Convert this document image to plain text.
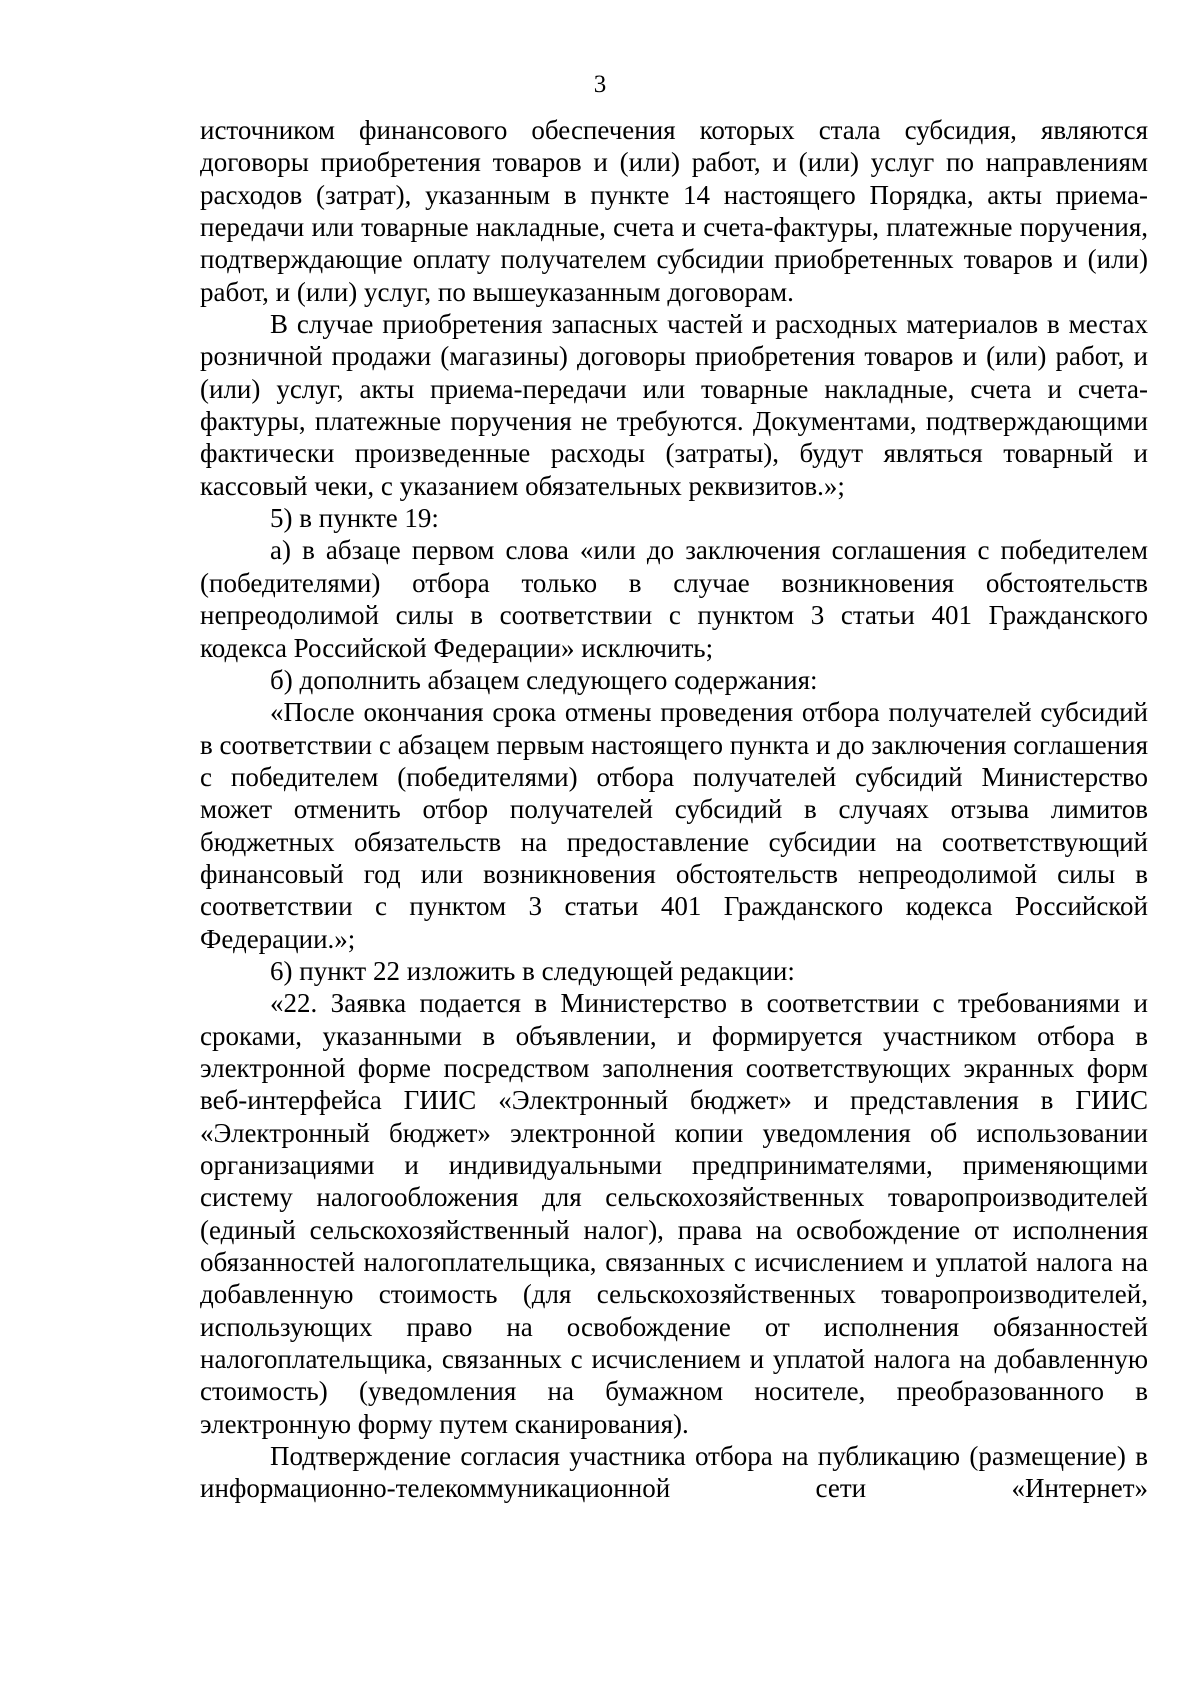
3

источником финансового обеспечения которых стала субсидия, являются договоры приобретения товаров и (или) работ, и (или) услуг по направлениям расходов (затрат), указанным в пункте 14 настоящего Порядка, акты приема-передачи или товарные накладные, счета и счета-фактуры, платежные поручения, подтверждающие оплату получателем субсидии приобретенных товаров и (или) работ, и (или) услуг, по вышеуказанным договорам.

В случае приобретения запасных частей и расходных материалов в местах розничной продажи (магазины) договоры приобретения товаров и (или) работ, и (или) услуг, акты приема-передачи или товарные накладные, счета и счета-фактуры, платежные поручения не требуются. Документами, подтверждающими фактически произведенные расходы (затраты), будут являться товарный и кассовый чеки, с указанием обязательных реквизитов.»;

5) в пункте 19:

а) в абзаце первом слова «или до заключения соглашения с победителем (победителями) отбора только в случае возникновения обстоятельств непреодолимой силы в соответствии с пунктом 3 статьи 401 Гражданского кодекса Российской Федерации» исключить;

б) дополнить абзацем следующего содержания:

«После окончания срока отмены проведения отбора получателей субсидий в соответствии с абзацем первым настоящего пункта и до заключения соглашения с победителем (победителями) отбора получателей субсидий Министерство может отменить отбор получателей субсидий в случаях отзыва лимитов бюджетных обязательств на предоставление субсидии на соответствующий финансовый год или возникновения обстоятельств непреодолимой силы в соответствии с пунктом 3 статьи 401 Гражданского кодекса Российской Федерации.»;

6) пункт 22 изложить в следующей редакции:

«22. Заявка подается в Министерство в соответствии с требованиями и сроками, указанными в объявлении, и формируется участником отбора в электронной форме посредством заполнения соответствующих экранных форм веб-интерфейса ГИИС «Электронный бюджет» и представления в ГИИС «Электронный бюджет» электронной копии уведомления об использовании организациями и индивидуальными предпринимателями, применяющими систему налогообложения для сельскохозяйственных товаропроизводителей (единый сельскохозяйственный налог), права на освобождение от исполнения обязанностей налогоплательщика, связанных с исчислением и уплатой налога на добавленную стоимость (для сельскохозяйственных товаропроизводителей, использующих право на освобождение от исполнения обязанностей налогоплательщика, связанных с исчислением и уплатой налога на добавленную стоимость) (уведомления на бумажном носителе, преобразованного в электронную форму путем сканирования).

Подтверждение согласия участника отбора на публикацию (размещение) в информационно-телекоммуникационной сети «Интернет»
